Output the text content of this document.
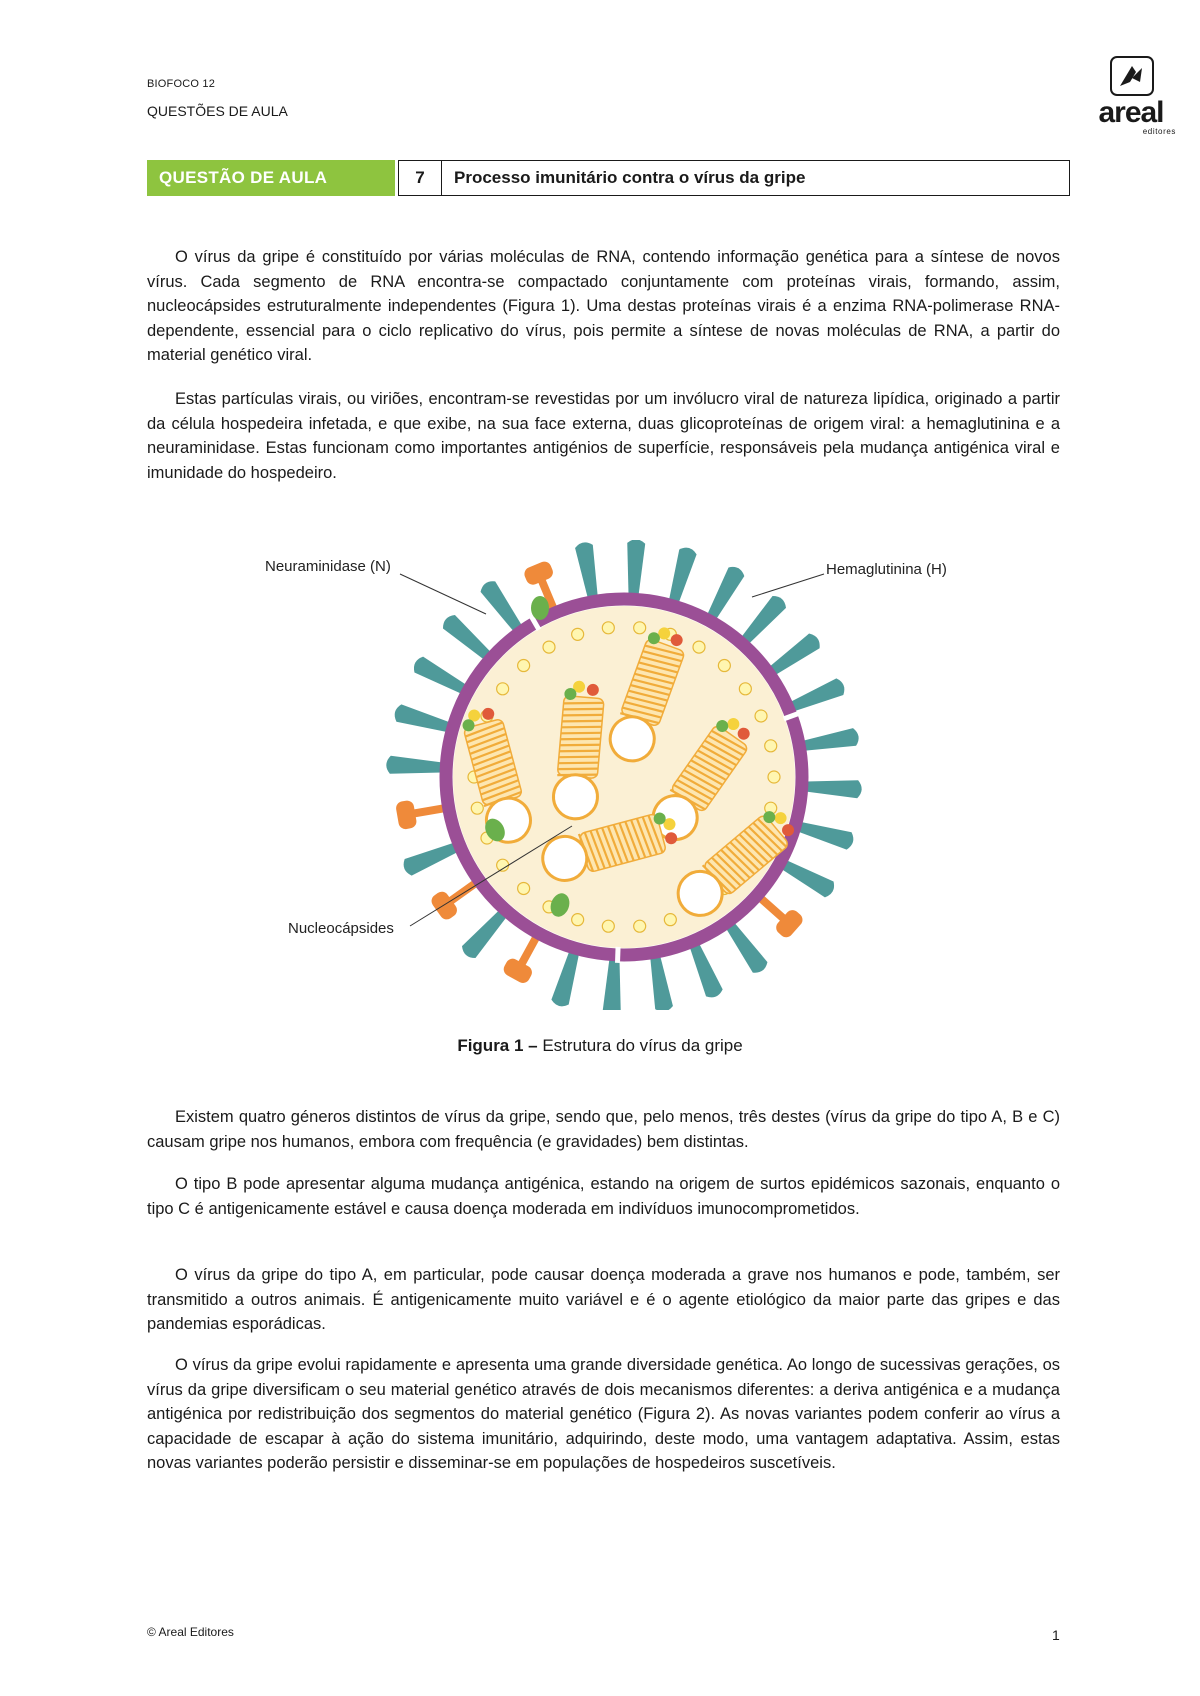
BIOFOCO 12
QUESTÕES DE AULA	areal
editores
QUESTÃO DE AULA	7	Processo imunitário contra o vírus da gripe

O vírus da gripe é constituído por várias moléculas de RNA, contendo informação genética para a síntese de novos vírus. Cada segmento de RNA encontra-se compactado conjuntamente com proteínas virais, formando, assim, nucleocápsides estruturalmente independentes (Figura 1). Uma destas proteínas virais é a enzima RNA-polimerase RNA-dependente, essencial para o ciclo replicativo do vírus, pois permite a síntese de novas moléculas de RNA, a partir do material genético viral.

Estas partículas virais, ou viriões, encontram-se revestidas por um invólucro viral de natureza lipídica, originado a partir da célula hospedeira infetada, e que exibe, na sua face externa, duas glicoproteínas de origem viral: a hemaglutinina e a neuraminidase. Estas funcionam como importantes antigénios de superfície, responsáveis pela mudança antigénica viral e imunidade do hospedeiro.

Neuraminidase (N)	Hemaglutinina (H)
Nucleocápsides
Figura 1 – Estrutura do vírus da gripe

Existem quatro géneros distintos de vírus da gripe, sendo que, pelo menos, três destes (vírus da gripe do tipo A, B e C) causam gripe nos humanos, embora com frequência (e gravidades) bem distintas.

O tipo B pode apresentar alguma mudança antigénica, estando na origem de surtos epidémicos sazonais, enquanto o tipo C é antigenicamente estável e causa doença moderada em indivíduos imunocomprometidos.

O vírus da gripe do tipo A, em particular, pode causar doença moderada a grave nos humanos e pode, também, ser transmitido a outros animais. É antigenicamente muito variável e é o agente etiológico da maior parte das gripes e das pandemias esporádicas.

O vírus da gripe evolui rapidamente e apresenta uma grande diversidade genética. Ao longo de sucessivas gerações, os vírus da gripe diversificam o seu material genético através de dois mecanismos diferentes: a deriva antigénica e a mudança antigénica por redistribuição dos segmentos do material genético (Figura 2). As novas variantes podem conferir ao vírus a capacidade de escapar à ação do sistema imunitário, adquirindo, deste modo, uma vantagem adaptativa. Assim, estas novas variantes poderão persistir e disseminar-se em populações de hospedeiros suscetíveis.

© Areal Editores	1
